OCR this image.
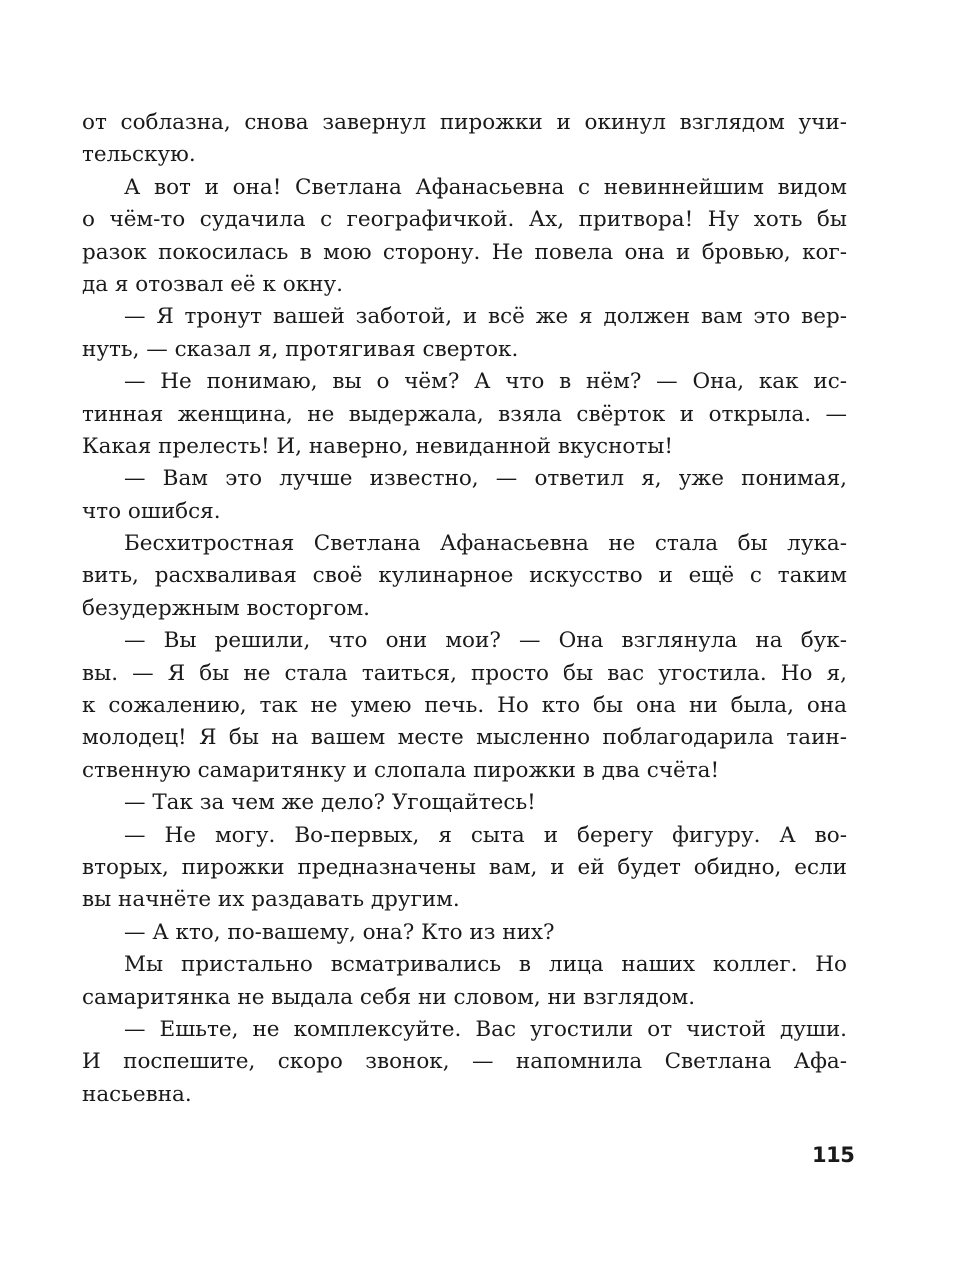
от соблазна, снова завернул пирожки и окинул взглядом учи-
тельскую.
А вот и она! Светлана Афанасьевна с невиннейшим видом
о чём-то судачила с географичкой. Ах, притвора! Ну хоть бы
разок покосилась в мою сторону. Не повела она и бровью, ког-
да я отозвал её к окну.
— Я тронут вашей заботой, и всё же я должен вам это вер-
нуть, — сказал я, протягивая сверток.
— Не понимаю, вы о чём? А что в нём? — Она, как ис-
тинная женщина, не выдержала, взяла свёрток и открыла. —
Какая прелесть! И, наверно, невиданной вкусноты!
— Вам это лучше известно, — ответил я, уже понимая,
что ошибся.
Бесхитростная Светлана Афанасьевна не стала бы лука-
вить, расхваливая своё кулинарное искусство и ещё с таким
безудержным восторгом.
— Вы решили, что они мои? — Она взглянула на бук-
вы. — Я бы не стала таиться, просто бы вас угостила. Но я,
к сожалению, так не умею печь. Но кто бы она ни была, она
молодец! Я бы на вашем месте мысленно поблагодарила таин-
ственную самаритянку и слопала пирожки в два счёта!
— Так за чем же дело? Угощайтесь!
— Не могу. Во-первых, я сыта и берегу фигуру. А во-
вторых, пирожки предназначены вам, и ей будет обидно, если
вы начнёте их раздавать другим.
— А кто, по-вашему, она? Кто из них?
Мы пристально всматривались в лица наших коллег. Но
самаритянка не выдала себя ни словом, ни взглядом.
— Ешьте, не комплексуйте. Вас угостили от чистой души.
И поспешите, скоро звонок, — напомнила Светлана Афа-
насьевна.
115
